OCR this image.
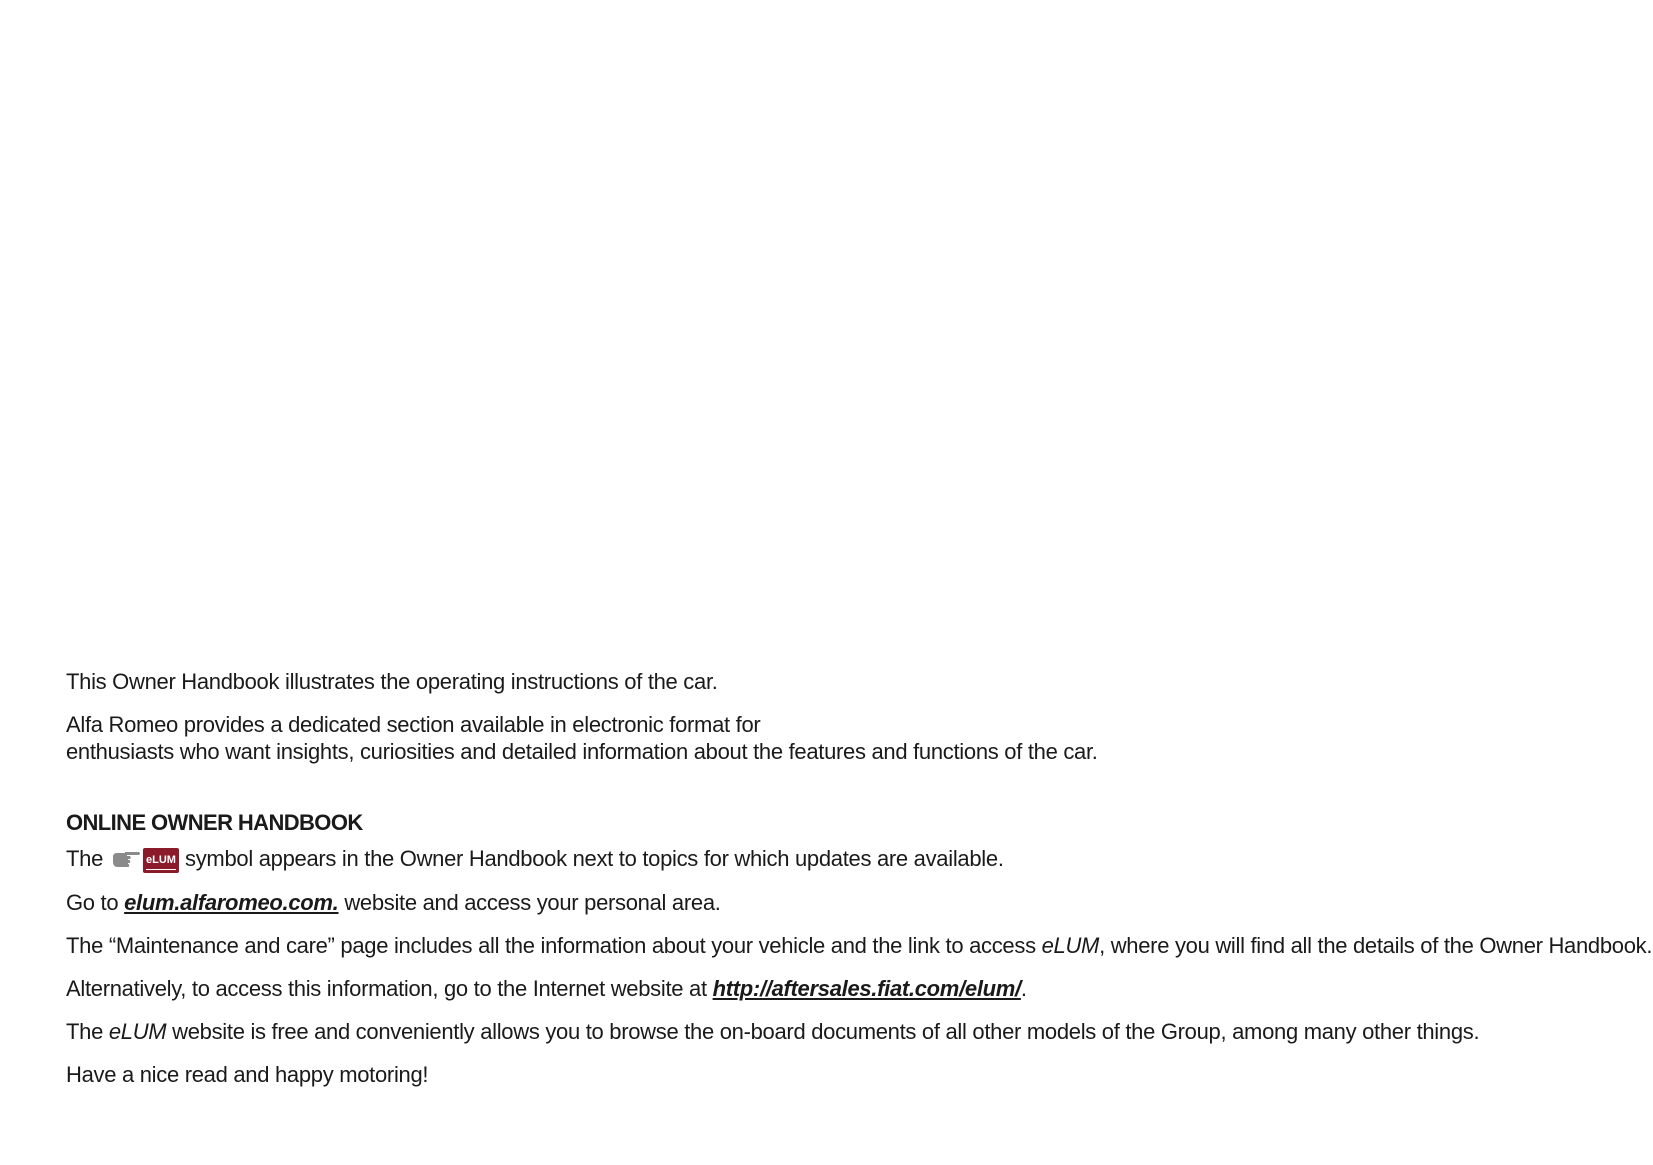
This Owner Handbook illustrates the operating instructions of the car.

Alfa Romeo provides a dedicated section available in electronic format for
enthusiasts who want insights, curiosities and detailed information about the features and functions of the car.

ONLINE OWNER HANDBOOK

The	eLUM symbol appears in the Owner Handbook next to topics for which updates are available.

Go to elum.alfaromeo.com. website and access your personal area.

The “Maintenance and care” page includes all the information about your vehicle and the link to access eLUM, where you will find all the details of the Owner Handbook.

Alternatively, to access this information, go to the Internet website at http://aftersales.fiat.com/elum/.

The eLUM website is free and conveniently allows you to browse the on-board documents of all other models of the Group, among many other things.

Have a nice read and happy motoring!
